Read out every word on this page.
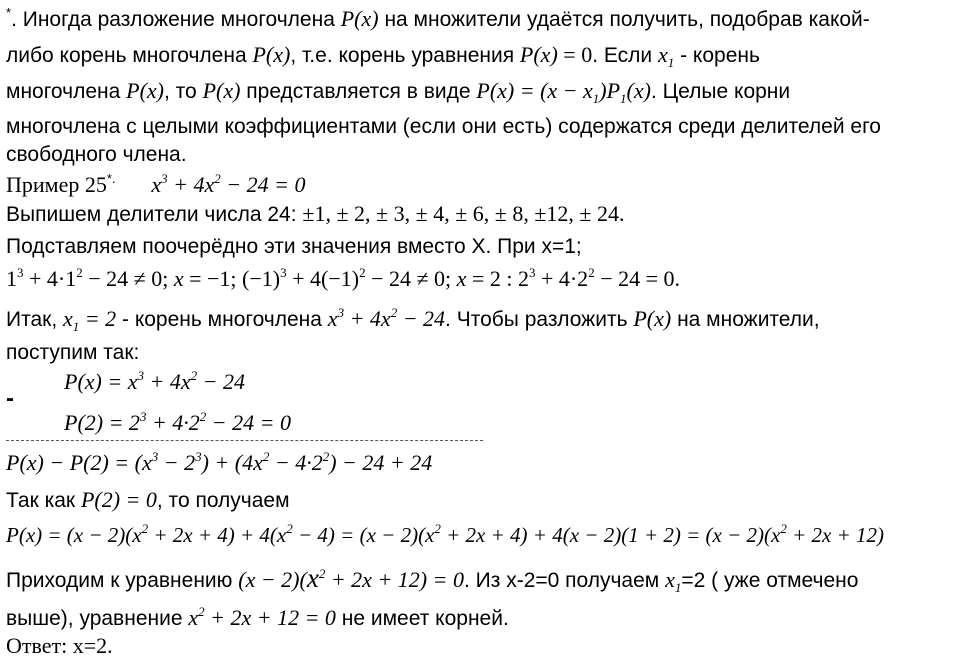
*. Иногда разложение многочлена P(x) на множители удаётся получить, подобрав какой-
либо корень многочлена P(x), т.е. корень уравнения P(x) = 0. Если $x_1$ - корень
многочлена P(x), то P(x) представляется в виде $P(x) = (x - x_1)P_1(x)$. Целые корни
многочлена с целыми коэффициентами (если они есть) содержатся среди делителей его
свободного члена.
Пример 25*. $x^3 + 4x^2 - 24 = 0$
Выпишем делители числа 24: ±1, ± 2, ± 3, ± 4, ± 6, ± 8, ±12, ± 24.
Подставляем поочерёдно эти значения вместо Х. При х=1;
$1^3 + 4\cdot 1^2 - 24 \ne 0$; x = −1; $(-1)^3 + 4(-1)^2 - 24 \ne 0$; x = 2 : $2^3 + 4\cdot 2^2 - 24 = 0$.
Итак, $x_1 = 2$ - корень многочлена $x^3 + 4x^2 - 24$. Чтобы разложить P(x) на множители,
поступим так:
$P(x) = x^3 + 4x^2 - 24$
-
$P(2) = 2^3 + 4\cdot 2^2 - 24 = 0$
$P(x) - P(2) = (x^3 - 2^3) + (4x^2 - 4\cdot 2^2) - 24 + 24$
Так как P(2) = 0, то получаем
$P(x) = (x - 2)(x^2 + 2x + 4) + 4(x^2 - 4) = (x - 2)(x^2 + 2x + 4) + 4(x - 2)(1 + 2) = (x - 2)(x^2 + 2x + 12)$
Приходим к уравнению $(x - 2)(x^2 + 2x + 12) = 0$. Из х-2=0 получаем $x_1=2$ ( уже отмечено
выше), уравнение $x^2 + 2x + 12 = 0$ не имеет корней.
Ответ: х=2.
